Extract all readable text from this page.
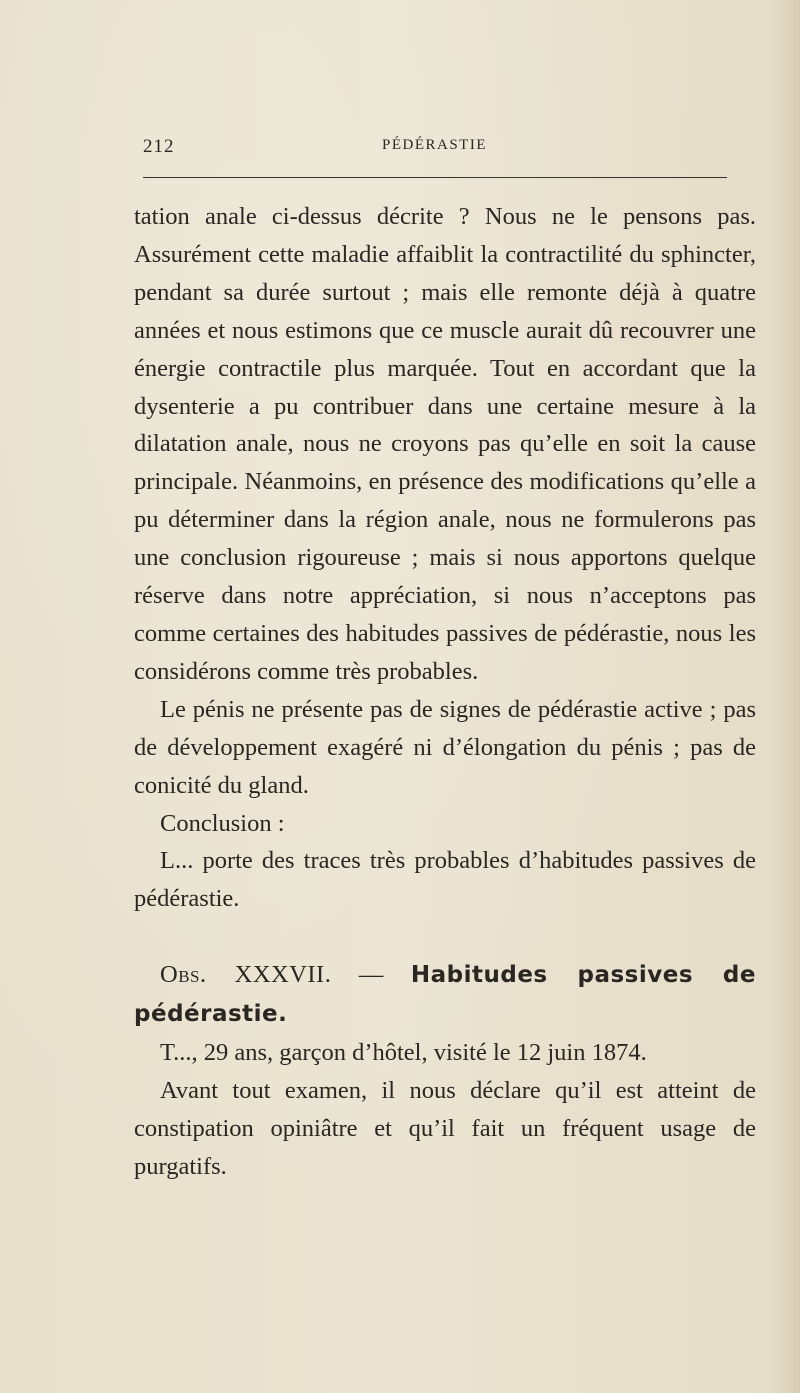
212	PÉDÉRASTIE

tation anale ci-dessus décrite ? Nous ne le pensons pas. Assurément cette maladie affaiblit la contractilité du sphincter, pendant sa durée surtout ; mais elle remonte déjà à quatre années et nous estimons que ce muscle aurait dû recouvrer une énergie contractile plus marquée. Tout en accordant que la dysenterie a pu contribuer dans une certaine mesure à la dilatation anale, nous ne croyons pas qu’elle en soit la cause principale. Néanmoins, en présence des modifications qu’elle a pu déterminer dans la région anale, nous ne formulerons pas une conclusion rigoureuse ; mais si nous apportons quelque réserve dans notre appréciation, si nous n’acceptons pas comme certaines des habitudes passives de pédérastie, nous les considérons comme très probables.

Le pénis ne présente pas de signes de pédérastie active ; pas de développement exagéré ni d’élongation du pénis ; pas de conicité du gland.

Conclusion :

L... porte des traces très probables d’habitudes passives de pédérastie.

Obs. XXXVII. — Habitudes passives de pédérastie.

T..., 29 ans, garçon d’hôtel, visité le 12 juin 1874.

Avant tout examen, il nous déclare qu’il est atteint de constipation opiniâtre et qu’il fait un fréquent usage de purgatifs.
